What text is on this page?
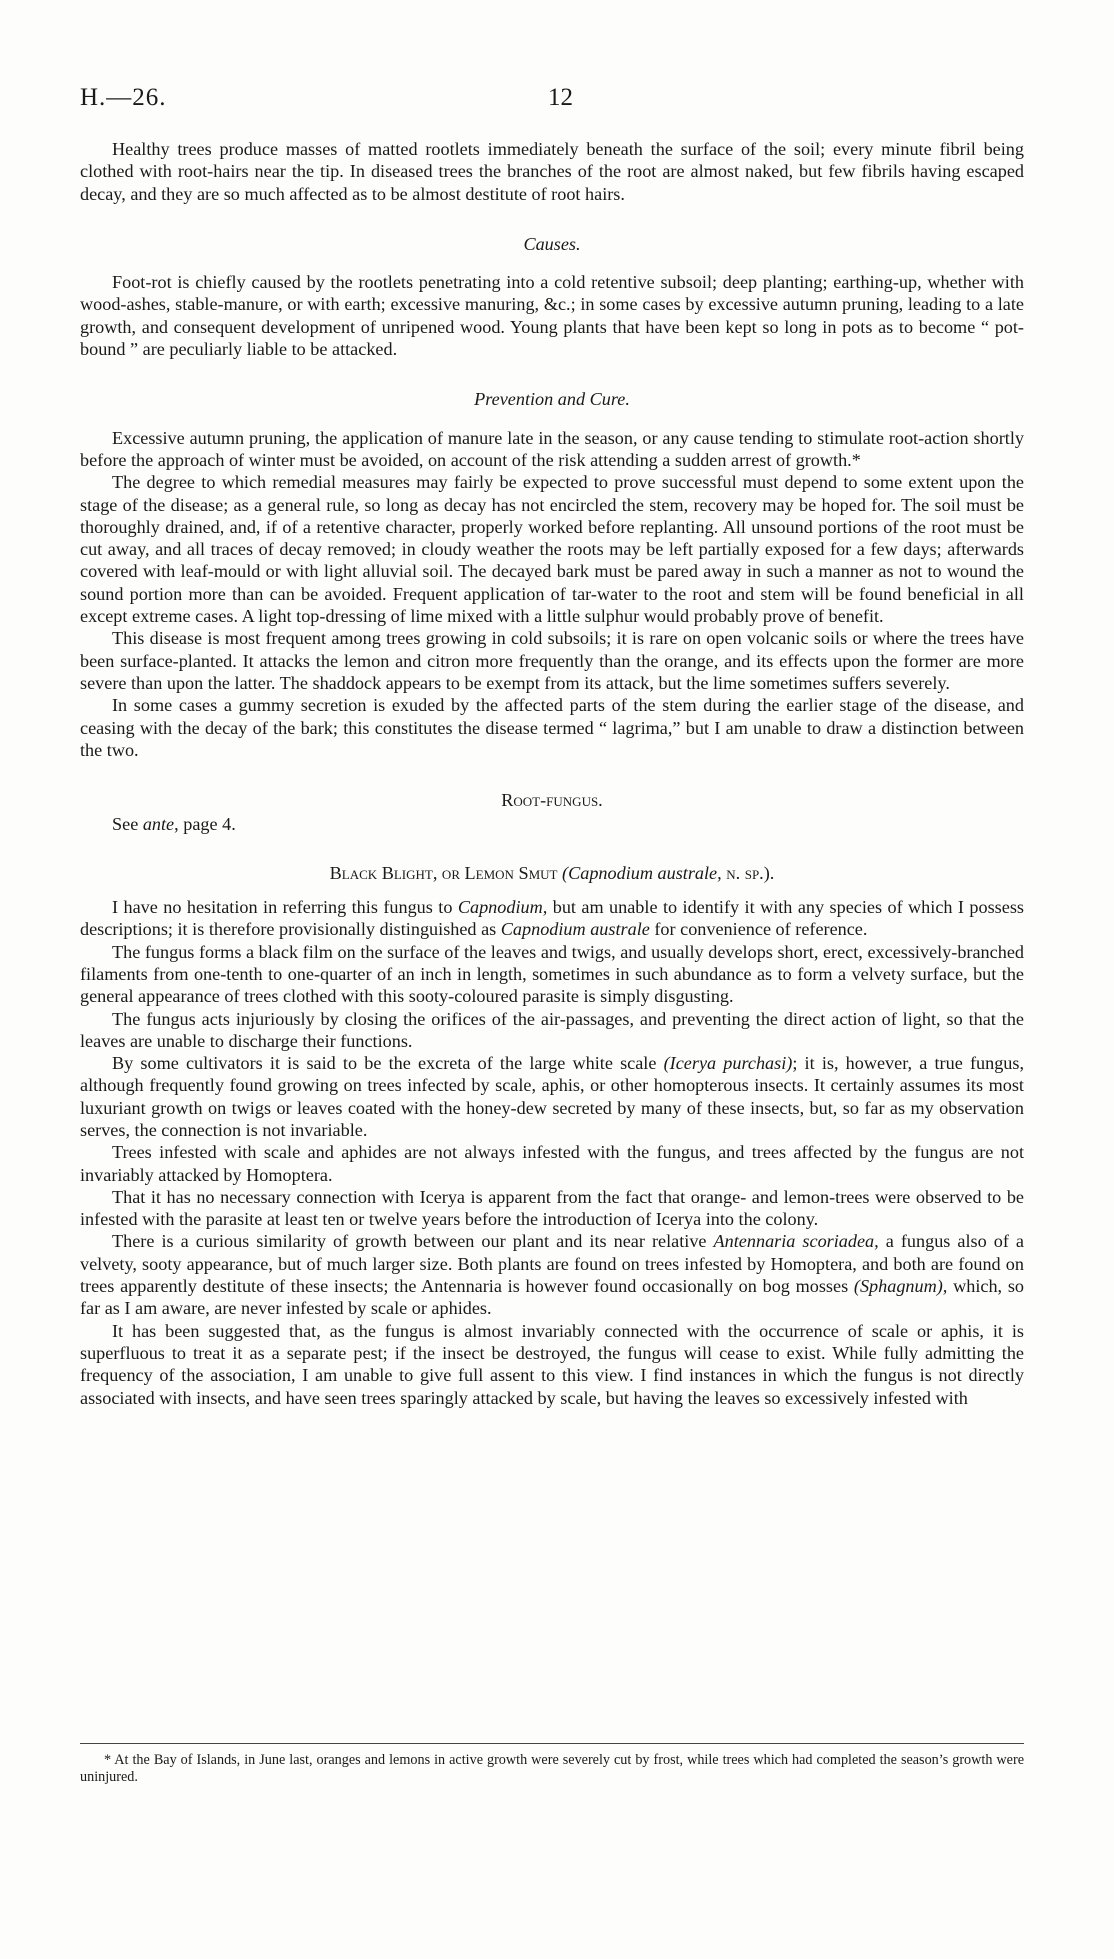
H.—26.	12

Healthy trees produce masses of matted rootlets immediately beneath the surface of the soil; every minute fibril being clothed with root-hairs near the tip. In diseased trees the branches of the root are almost naked, but few fibrils having escaped decay, and they are so much affected as to be almost destitute of root hairs.

Causes.

Foot-rot is chiefly caused by the rootlets penetrating into a cold retentive subsoil; deep planting; earthing-up, whether with wood-ashes, stable-manure, or with earth; excessive manuring, &c.; in some cases by excessive autumn pruning, leading to a late growth, and consequent development of unripened wood. Young plants that have been kept so long in pots as to become “ pot-bound ” are peculiarly liable to be attacked.

Prevention and Cure.

Excessive autumn pruning, the application of manure late in the season, or any cause tending to stimulate root-action shortly before the approach of winter must be avoided, on account of the risk attending a sudden arrest of growth.*

The degree to which remedial measures may fairly be expected to prove successful must depend to some extent upon the stage of the disease; as a general rule, so long as decay has not encircled the stem, recovery may be hoped for. The soil must be thoroughly drained, and, if of a retentive character, properly worked before replanting. All unsound portions of the root must be cut away, and all traces of decay removed; in cloudy weather the roots may be left partially exposed for a few days; afterwards covered with leaf-mould or with light alluvial soil. The decayed bark must be pared away in such a manner as not to wound the sound portion more than can be avoided. Frequent application of tar-water to the root and stem will be found beneficial in all except extreme cases. A light top-dressing of lime mixed with a little sulphur would probably prove of benefit.

This disease is most frequent among trees growing in cold subsoils; it is rare on open volcanic soils or where the trees have been surface-planted. It attacks the lemon and citron more frequently than the orange, and its effects upon the former are more severe than upon the latter. The shaddock appears to be exempt from its attack, but the lime sometimes suffers severely.

In some cases a gummy secretion is exuded by the affected parts of the stem during the earlier stage of the disease, and ceasing with the decay of the bark; this constitutes the disease termed “ lagrima,” but I am unable to draw a distinction between the two.

Root-fungus.
See ante, page 4.
Black Blight, or Lemon Smut (Capnodium australe, n. sp.).

I have no hesitation in referring this fungus to Capnodium, but am unable to identify it with any species of which I possess descriptions; it is therefore provisionally distinguished as Capnodium australe for convenience of reference.

The fungus forms a black film on the surface of the leaves and twigs, and usually develops short, erect, excessively-branched filaments from one-tenth to one-quarter of an inch in length, sometimes in such abundance as to form a velvety surface, but the general appearance of trees clothed with this sooty-coloured parasite is simply disgusting.

The fungus acts injuriously by closing the orifices of the air-passages, and preventing the direct action of light, so that the leaves are unable to discharge their functions.

By some cultivators it is said to be the excreta of the large white scale (Icerya purchasi); it is, however, a true fungus, although frequently found growing on trees infected by scale, aphis, or other homopterous insects. It certainly assumes its most luxuriant growth on twigs or leaves coated with the honey-dew secreted by many of these insects, but, so far as my observation serves, the connection is not invariable.

Trees infested with scale and aphides are not always infested with the fungus, and trees affected by the fungus are not invariably attacked by Homoptera.

That it has no necessary connection with Icerya is apparent from the fact that orange- and lemon-trees were observed to be infested with the parasite at least ten or twelve years before the introduction of Icerya into the colony.

There is a curious similarity of growth between our plant and its near relative Antennaria scoriadea, a fungus also of a velvety, sooty appearance, but of much larger size. Both plants are found on trees infested by Homoptera, and both are found on trees apparently destitute of these insects; the Antennaria is however found occasionally on bog mosses (Sphagnum), which, so far as I am aware, are never infested by scale or aphides.

It has been suggested that, as the fungus is almost invariably connected with the occurrence of scale or aphis, it is superfluous to treat it as a separate pest; if the insect be destroyed, the fungus will cease to exist. While fully admitting the frequency of the association, I am unable to give full assent to this view. I find instances in which the fungus is not directly associated with insects, and have seen trees sparingly attacked by scale, but having the leaves so excessively infested with

* At the Bay of Islands, in June last, oranges and lemons in active growth were severely cut by frost, while trees which had completed the season’s growth were uninjured.
